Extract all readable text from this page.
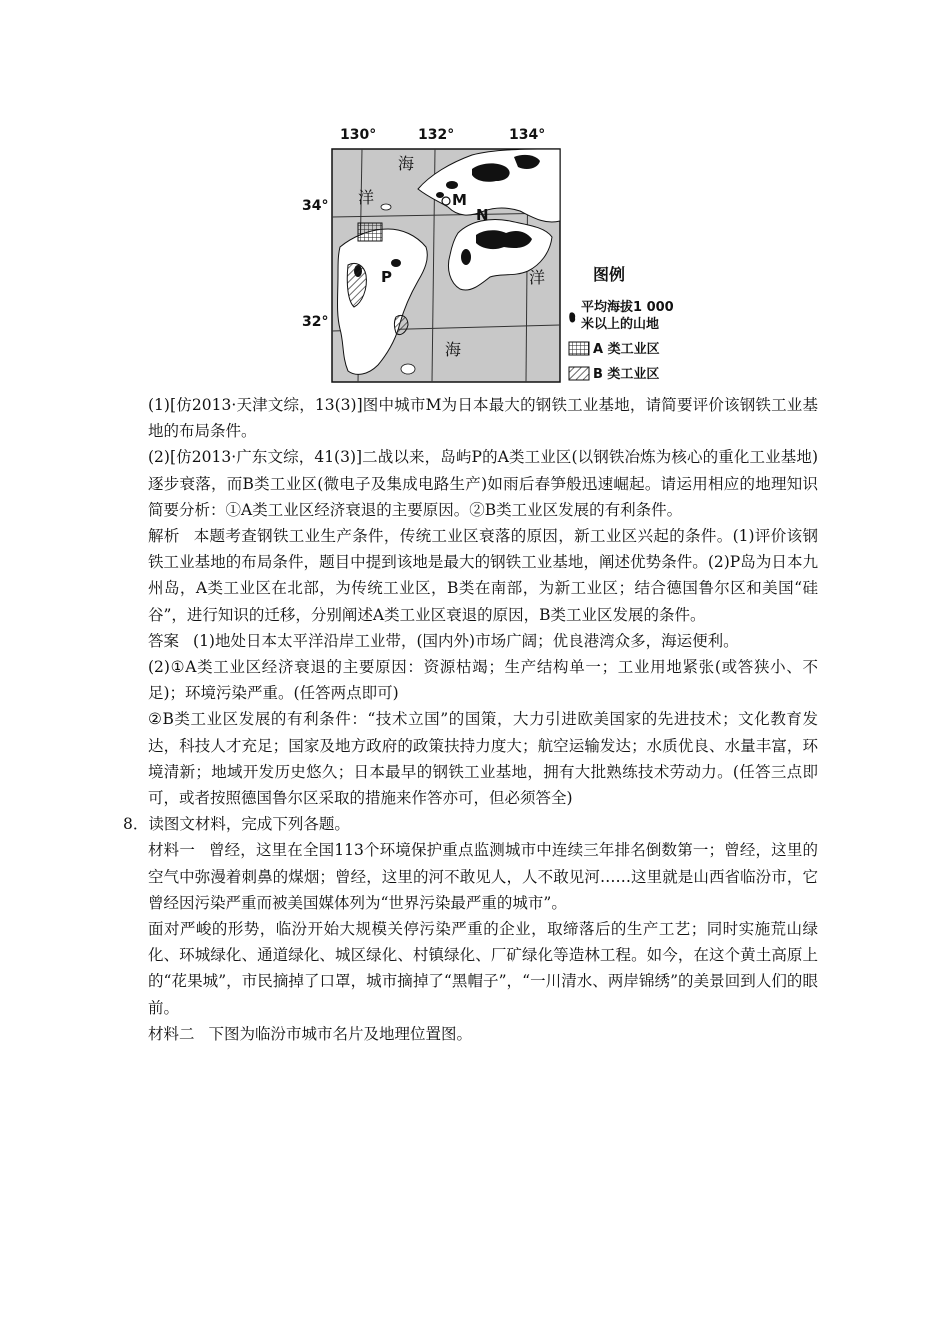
130°	132°	134°
34°
32°
海
洋
洋
海
M
N
P	图例
平均海拔1 000米以上的山地
A 类工业区
B 类工业区

(1)[仿2013·天津文综，13(3)]图中城市M为日本最大的钢铁工业基地，请简要评价该钢铁工业基地的布局条件。

(2)[仿2013·广东文综，41(3)]二战以来，岛屿P的A类工业区(以钢铁冶炼为核心的重化工业基地)逐步衰落，而B类工业区(微电子及集成电路生产)如雨后春笋般迅速崛起。请运用相应的地理知识简要分析：①A类工业区经济衰退的主要原因。②B类工业区发展的有利条件。

解析 本题考查钢铁工业生产条件，传统工业区衰落的原因，新工业区兴起的条件。(1)评价该钢铁工业基地的布局条件，题目中提到该地是最大的钢铁工业基地，阐述优势条件。(2)P岛为日本九州岛，A类工业区在北部，为传统工业区，B类在南部，为新工业区；结合德国鲁尔区和美国“硅谷”，进行知识的迁移，分别阐述A类工业区衰退的原因，B类工业区发展的条件。

答案 (1)地处日本太平洋沿岸工业带，(国内外)市场广阔；优良港湾众多，海运便利。

(2)①A类工业区经济衰退的主要原因：资源枯竭；生产结构单一；工业用地紧张(或答狭小、不足)；环境污染严重。(任答两点即可)

②B类工业区发展的有利条件：“技术立国”的国策，大力引进欧美国家的先进技术；文化教育发达，科技人才充足；国家及地方政府的政策扶持力度大；航空运输发达；水质优良、水量丰富，环境清新；地域开发历史悠久；日本最早的钢铁工业基地，拥有大批熟练技术劳动力。(任答三点即可，或者按照德国鲁尔区采取的措施来作答亦可，但必须答全)

8．读图文材料，完成下列各题。

材料一 曾经，这里在全国113个环境保护重点监测城市中连续三年排名倒数第一；曾经，这里的空气中弥漫着刺鼻的煤烟；曾经，这里的河不敢见人，人不敢见河……这里就是山西省临汾市，它曾经因污染严重而被美国媒体列为“世界污染最严重的城市”。

面对严峻的形势，临汾开始大规模关停污染严重的企业，取缔落后的生产工艺；同时实施荒山绿化、环城绿化、通道绿化、城区绿化、村镇绿化、厂矿绿化等造林工程。如今，在这个黄土高原上的“花果城”，市民摘掉了口罩，城市摘掉了“黑帽子”，“一川清水、两岸锦绣”的美景回到人们的眼前。

材料二 下图为临汾市城市名片及地理位置图。
